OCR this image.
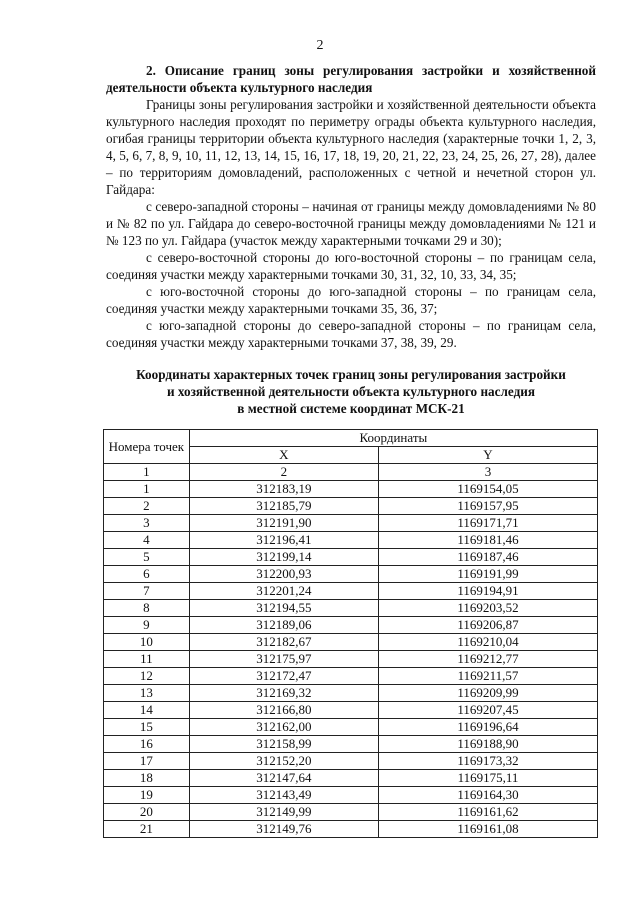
2

2. Описание границ зоны регулирования застройки и хозяйственной деятельности объекта культурного наследия

Границы зоны регулирования застройки и хозяйственной деятельности объекта культурного наследия проходят по периметру ограды объекта культурного наследия, огибая границы территории объекта культурного наследия (характерные точки 1, 2, 3, 4, 5, 6, 7, 8, 9, 10, 11, 12, 13, 14, 15, 16, 17, 18, 19, 20, 21, 22, 23, 24, 25, 26, 27, 28), далее – по территориям домовладений, расположенных с четной и нечетной сторон ул. Гайдара:

с северо-западной стороны – начиная от границы между домовладениями № 80 и № 82 по ул. Гайдара до северо-восточной границы между домовладениями № 121 и № 123 по ул. Гайдара (участок между характерными точками 29 и 30);

с северо-восточной стороны до юго-восточной стороны – по границам села, соединяя участки между характерными точками 30, 31, 32, 10, 33, 34, 35;

с юго-восточной стороны до юго-западной стороны – по границам села, соединяя участки между характерными точками 35, 36, 37;

с юго-западной стороны до северо-западной стороны – по границам села, соединяя участки между характерными точками 37, 38, 39, 29.

Координаты характерных точек границ зоны регулирования застройки
и хозяйственной деятельности объекта культурного наследия
в местной системе координат МСК-21
Номера точек	Координаты	
	X	Y
1	2	3
1	312183,19	1169154,05
2	312185,79	1169157,95
3	312191,90	1169171,71
4	312196,41	1169181,46
5	312199,14	1169187,46
6	312200,93	1169191,99
7	312201,24	1169194,91
8	312194,55	1169203,52
9	312189,06	1169206,87
10	312182,67	1169210,04
11	312175,97	1169212,77
12	312172,47	1169211,57
13	312169,32	1169209,99
14	312166,80	1169207,45
15	312162,00	1169196,64
16	312158,99	1169188,90
17	312152,20	1169173,32
18	312147,64	1169175,11
19	312143,49	1169164,30
20	312149,99	1169161,62
21	312149,76	1169161,08
